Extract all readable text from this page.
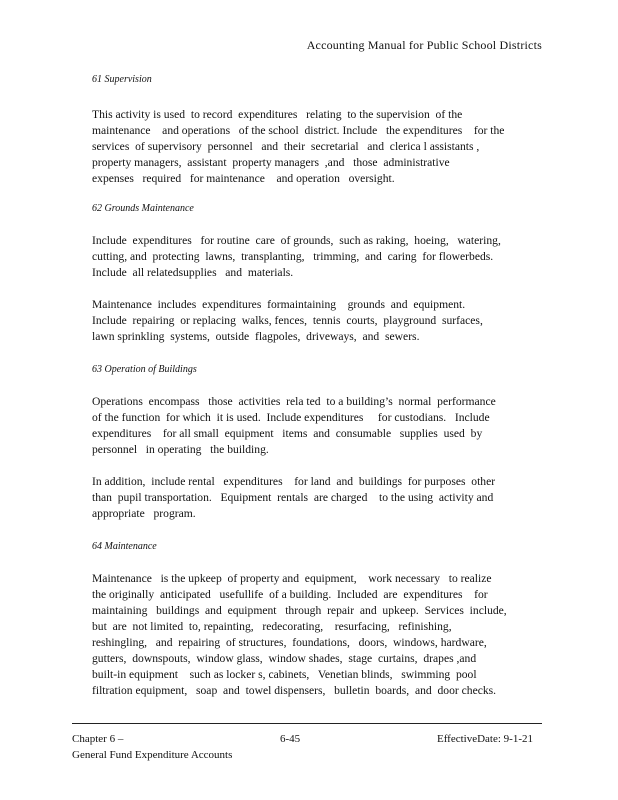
Accounting Manual for Public School Districts
61 Supervision
This activity is used  to record  expenditures   relating  to the supervision  of the
maintenance    and operations   of the school  district. Include   the expenditures    for the
services  of supervisory  personnel   and  their  secretarial   and  clerica l assistants ,
property managers,  assistant  property managers  ,and   those  administrative
expenses   required   for maintenance    and operation   oversight.
62 Grounds Maintenance
Include  expenditures   for routine  care  of grounds,  such as raking,  hoeing,   watering,
cutting, and  protecting  lawns,  transplanting,   trimming,  and  caring  for flowerbeds.
Include  all relatedsupplies   and  materials.
Maintenance  includes  expenditures  formaintaining    grounds  and  equipment.
Include  repairing  or replacing  walks, fences,  tennis  courts,  playground  surfaces,
lawn sprinkling  systems,  outside  flagpoles,  driveways,  and  sewers.
63 Operation of Buildings
Operations  encompass   those  activities  rela ted  to a building’s  normal  performance
of the function  for which  it is used.  Include expenditures     for custodians.   Include
expenditures    for all small  equipment   items  and  consumable   supplies  used  by
personnel   in operating   the building.
In addition,  include rental   expenditures    for land  and  buildings  for purposes  other
than  pupil transportation.   Equipment  rentals  are charged    to the using  activity and
appropriate   program.
64 Maintenance
Maintenance   is the upkeep  of property and  equipment,    work necessary   to realize
the originally  anticipated   usefullife  of a building.  Included  are  expenditures    for
maintaining   buildings  and  equipment   through  repair  and  upkeep.  Services  include,
but  are  not limited  to, repainting,   redecorating,    resurfacing,   refinishing,
reshingling,   and  repairing  of structures,  foundations,   doors,  windows, hardware,
gutters,  downspouts,  window glass,  window shades,  stage  curtains,  drapes ,and
built-in equipment    such as locker s, cabinets,   Venetian blinds,   swimming  pool
filtration equipment,   soap  and  towel dispensers,   bulletin  boards,  and  door checks.
Chapter 6 –
General Fund Expenditure Accounts
6-45	EffectiveDate: 9-1-21
